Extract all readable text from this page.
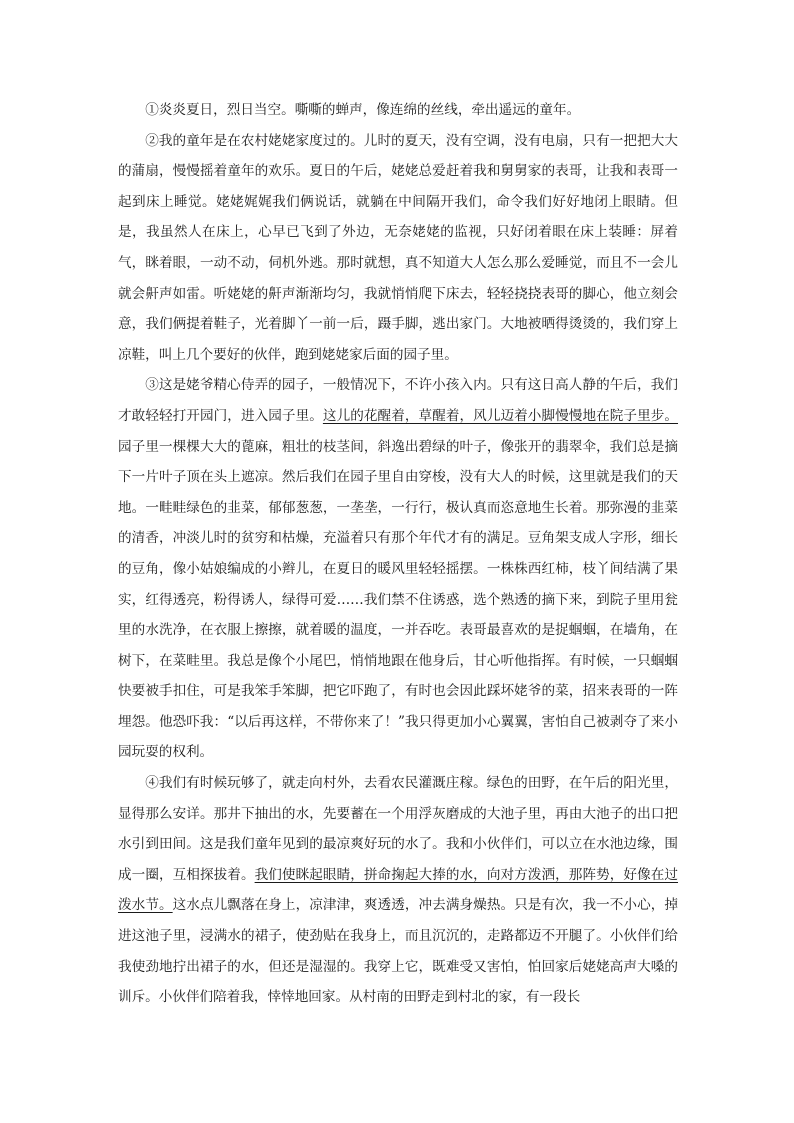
①炎炎夏日，烈日当空。嘶嘶的蝉声，像连绵的丝线，牵出遥远的童年。

②我的童年是在农村姥姥家度过的。儿时的夏天，没有空调，没有电扇，只有一把把大大的蒲扇，慢慢摇着童年的欢乐。夏日的午后，姥姥总爱赶着我和舅舅家的表哥，让我和表哥一起到床上睡觉。姥姥娓娓我们俩说话，就躺在中间隔开我们，命令我们好好地闭上眼睛。但是，我虽然人在床上，心早已飞到了外边，无奈姥姥的监视，只好闭着眼在床上装睡：屏着气，眯着眼，一动不动，伺机外逃。那时就想，真不知道大人怎么那么爱睡觉，而且不一会儿就会鼾声如雷。听姥姥的鼾声渐渐均匀，我就悄悄爬下床去，轻轻挠挠表哥的脚心，他立刻会意，我们俩提着鞋子，光着脚丫一前一后，蹑手脚，逃出家门。大地被晒得烫烫的，我们穿上凉鞋，叫上几个要好的伙伴，跑到姥姥家后面的园子里。

③这是姥爷精心侍弄的园子，一般情况下，不许小孩入内。只有这日高人静的午后，我们才敢轻轻打开园门，进入园子里。这儿的花醒着，草醒着，风儿迈着小脚慢慢地在院子里步。园子里一棵棵大大的蓖麻，粗壮的枝茎间，斜逸出碧绿的叶子，像张开的翡翠伞，我们总是摘下一片叶子顶在头上遮凉。然后我们在园子里自由穿梭，没有大人的时候，这里就是我们的天地。一畦畦绿色的韭菜，郁郁葱葱，一垄垄，一行行，极认真而恣意地生长着。那弥漫的韭菜的清香，冲淡儿时的贫穷和枯燥，充溢着只有那个年代才有的满足。豆角架支成人字形，细长的豆角，像小姑娘编成的小辫儿，在夏日的暖风里轻轻摇摆。一株株西红柿，枝丫间结满了果实，红得透亮，粉得诱人，绿得可爱……我们禁不住诱惑，选个熟透的摘下来，到院子里用瓮里的水洗净，在衣服上擦擦，就着暖的温度，一并吞吃。表哥最喜欢的是捉蝈蝈，在墙角，在树下，在菜畦里。我总是像个小尾巴，悄悄地跟在他身后，甘心听他指挥。有时候，一只蝈蝈快要被手扣住，可是我笨手笨脚，把它吓跑了，有时也会因此踩坏姥爷的菜，招来表哥的一阵埋怨。他恐吓我：“以后再这样，不带你来了！”我只得更加小心翼翼，害怕自己被剥夺了来小园玩耍的权利。

④我们有时候玩够了，就走向村外，去看农民灌溉庄稼。绿色的田野，在午后的阳光里，显得那么安详。那井下抽出的水，先要蓄在一个用浮灰磨成的大池子里，再由大池子的出口把水引到田间。这是我们童年见到的最凉爽好玩的水了。我和小伙伴们，可以立在水池边缘，围成一圈，互相探拔着。我们使眯起眼睛，拼命掬起大捧的水，向对方泼洒，那阵势，好像在过泼水节。这水点儿飘落在身上，凉津津，爽透透，冲去满身燥热。只是有次，我一不小心，掉进这池子里，浸满水的裙子，使劲贴在我身上，而且沉沉的，走路都迈不开腿了。小伙伴们给我使劲地拧出裙子的水，但还是湿湿的。我穿上它，既难受又害怕，怕回家后姥姥高声大嗓的训斥。小伙伴们陪着我，悻悻地回家。从村南的田野走到村北的家，有一段长
